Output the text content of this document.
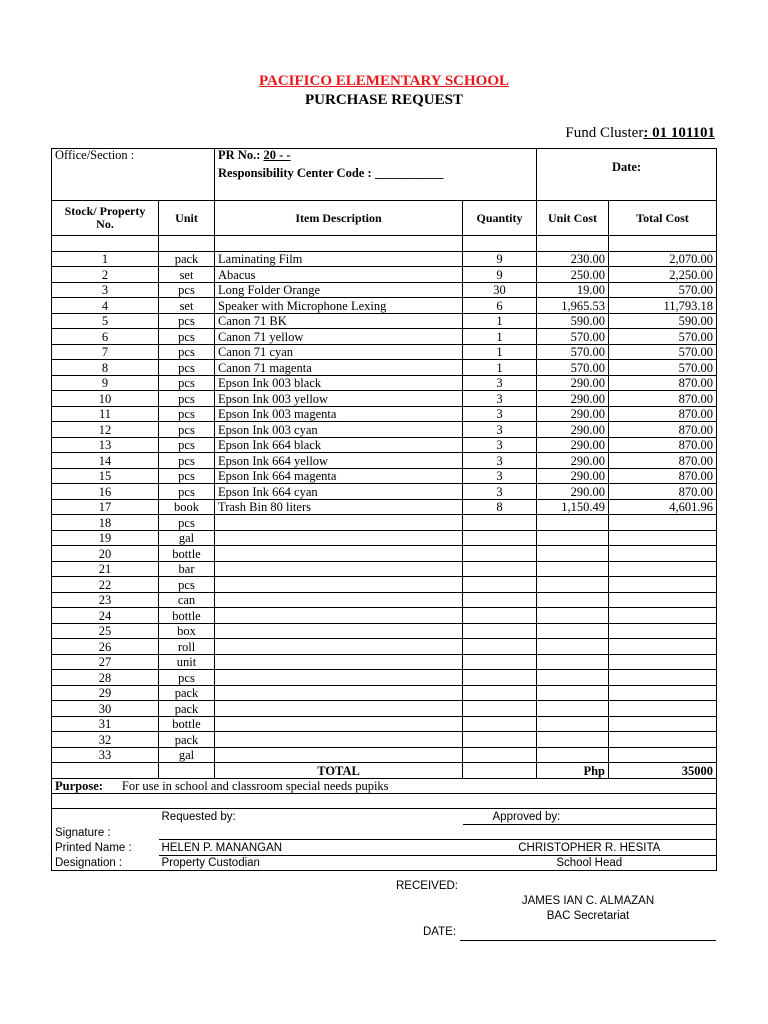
PACIFICO ELEMENTARY SCHOOL
PURCHASE REQUEST
Fund Cluster: 01 101101
Office/Section :		PR No.: 20 - -
Responsibility Center Code : ___________		Date:	
Stock/ Property No.	Unit	Item Description	Quantity	Unit Cost	Total Cost

1	pack	Laminating Film	9	230.00	2,070.00
2	set	Abacus	9	250.00	2,250.00
3	pcs	Long Folder Orange	30	19.00	570.00
4	set	Speaker with Microphone Lexing	6	1,965.53	11,793.18
5	pcs	Canon 71 BK	1	590.00	590.00
6	pcs	Canon 71 yellow	1	570.00	570.00
7	pcs	Canon 71 cyan	1	570.00	570.00
8	pcs	Canon 71 magenta	1	570.00	570.00
9	pcs	Epson Ink 003 black	3	290.00	870.00
10	pcs	Epson Ink 003 yellow	3	290.00	870.00
11	pcs	Epson Ink 003 magenta	3	290.00	870.00
12	pcs	Epson Ink 003 cyan	3	290.00	870.00
13	pcs	Epson Ink 664 black	3	290.00	870.00
14	pcs	Epson Ink 664 yellow	3	290.00	870.00
15	pcs	Epson Ink 664 magenta	3	290.00	870.00
16	pcs	Epson Ink 664 cyan	3	290.00	870.00
17	book	Trash Bin 80 liters	8	1,150.49	4,601.96
18	pcs				
19	gal				
20	bottle				
21	bar				
22	pcs				
23	can				
24	bottle				
25	box				
26	roll				
27	unit				
28	pcs				
29	pack				
30	pack				
31	bottle				
32	pack				
33	gal				
		TOTAL		Php	35000
Purpose: For use in school and classroom special needs pupiks					

	Requested by:		Approved by:		
Signature :					
Printed Name :	HELEN P. MANANGAN		CHRISTOPHER R. HESITA		
Designation :	Property Custodian		School Head		
RECEIVED:
JAMES IAN C. ALMAZAN
BAC Secretariat
DATE:
